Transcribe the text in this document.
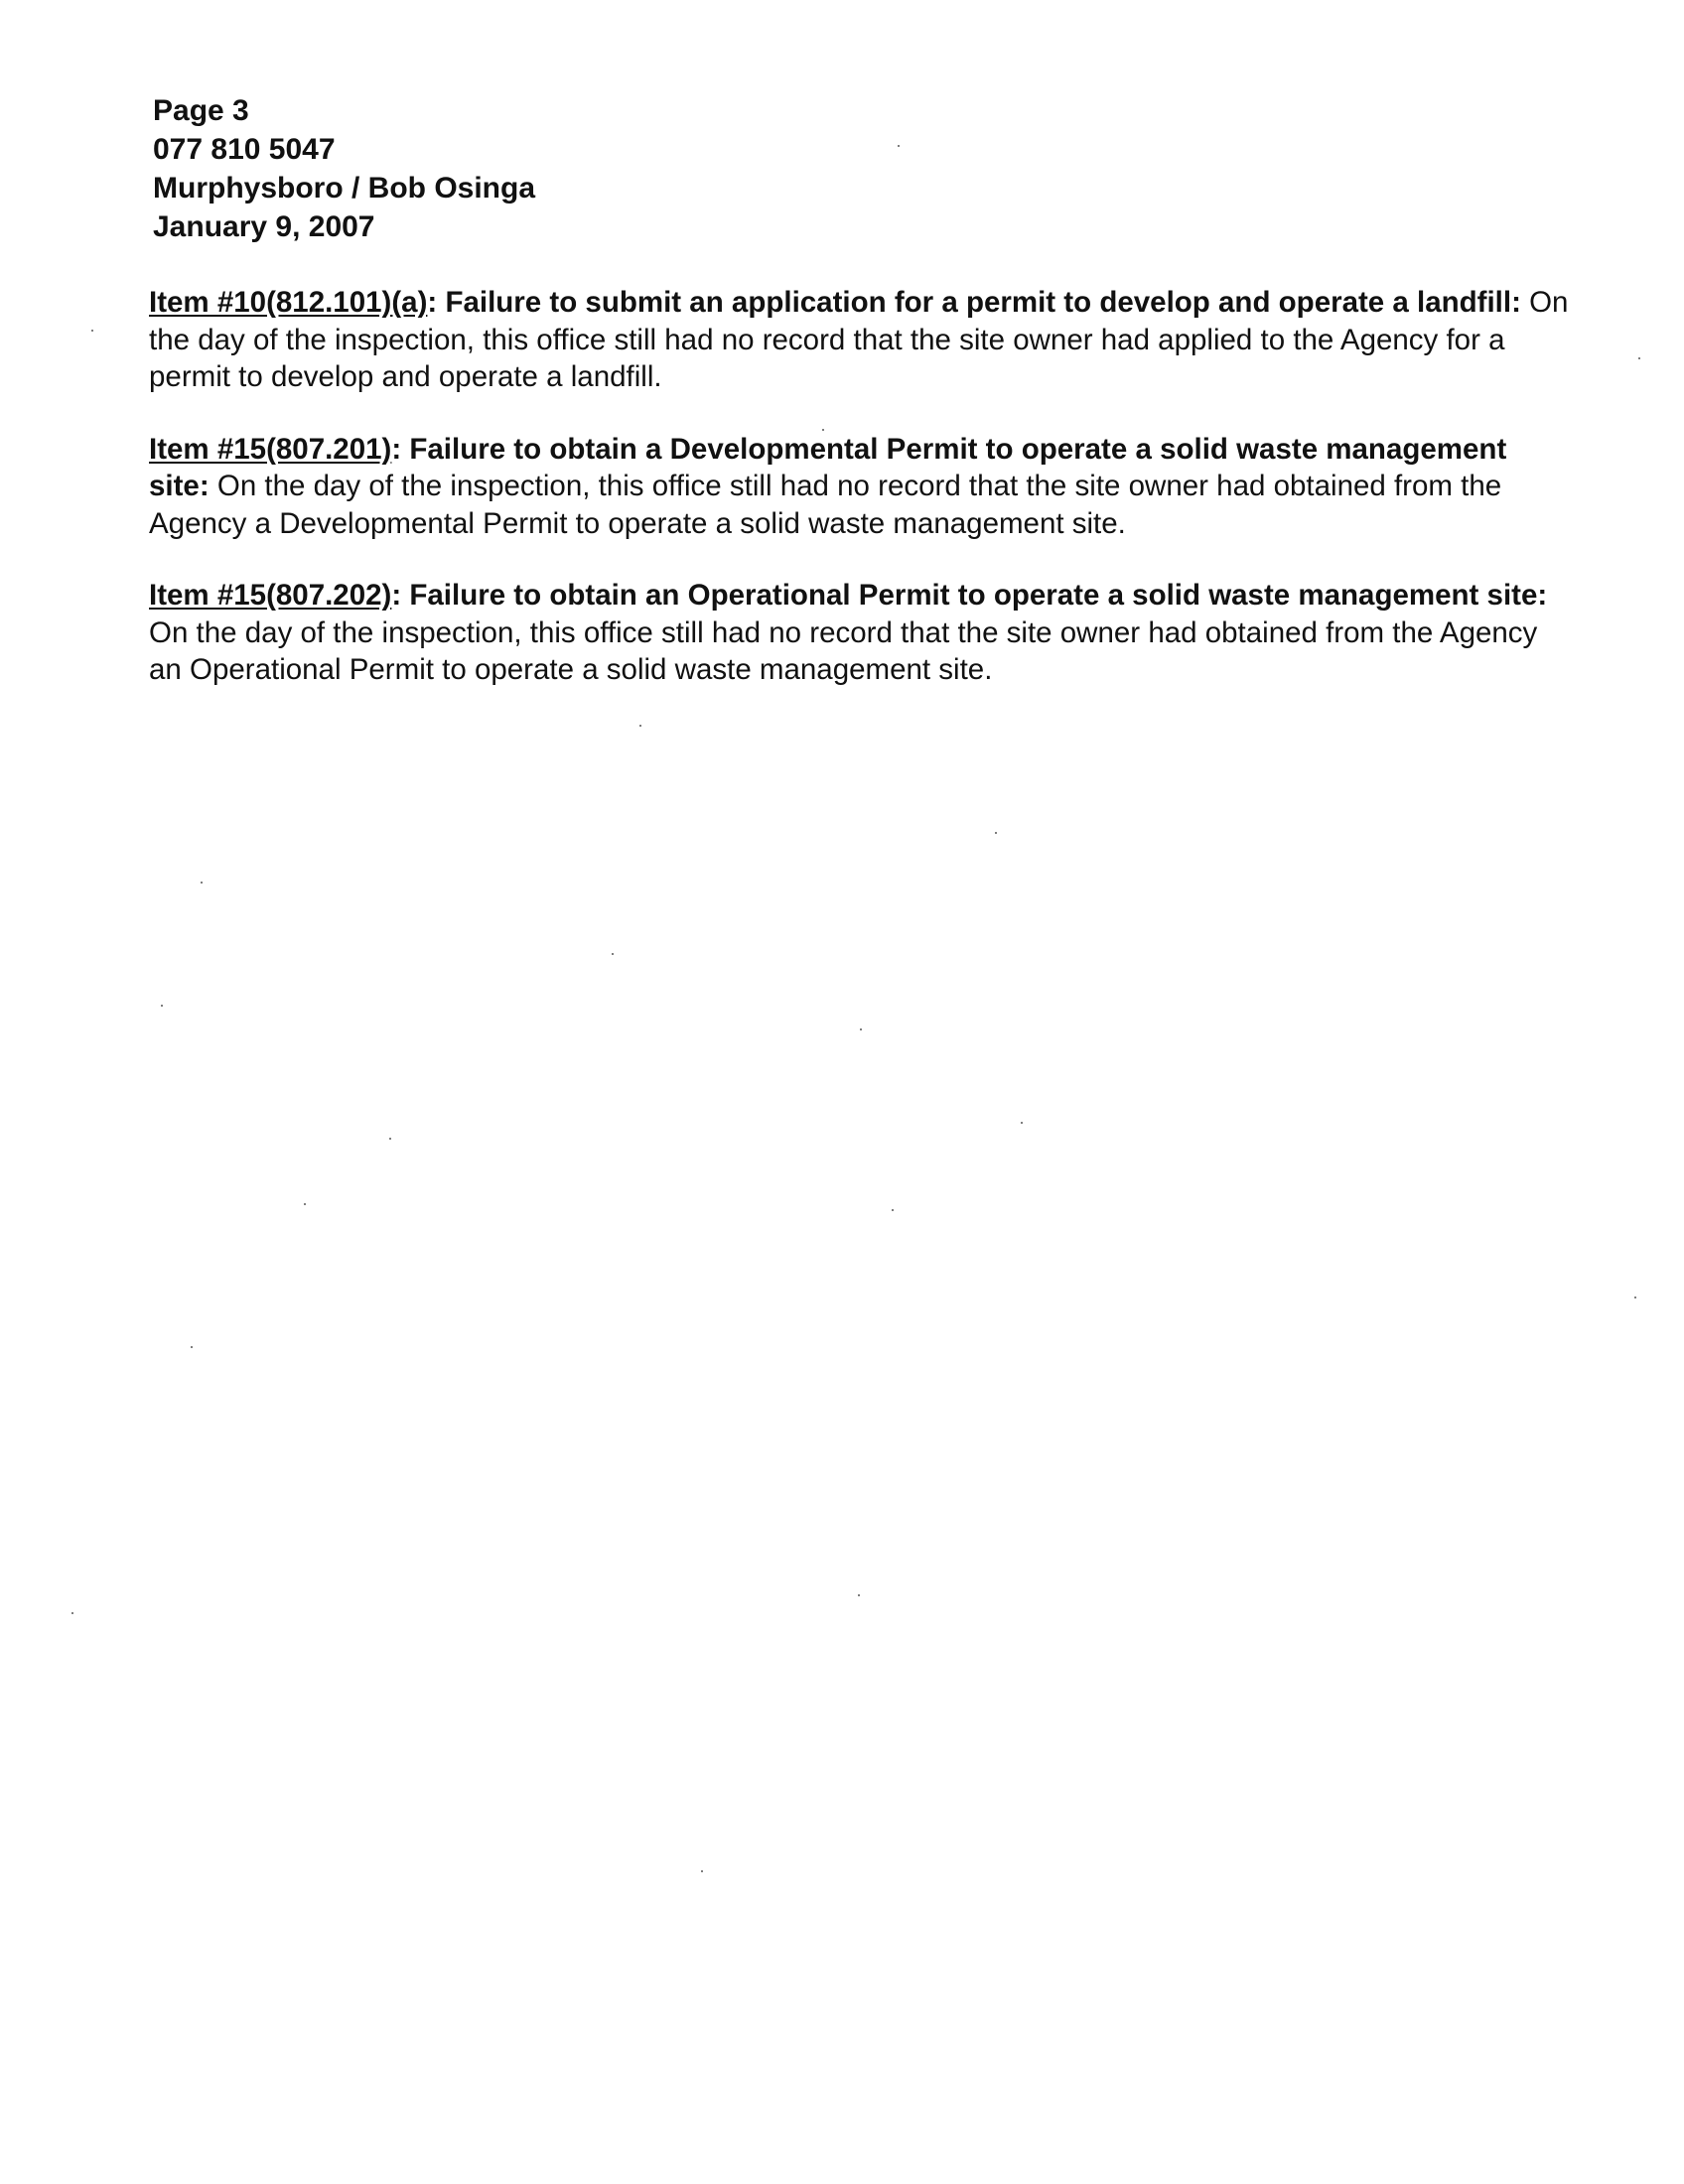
Page 3
077 810 5047
Murphysboro / Bob Osinga
January 9, 2007

Item #10(812.101)(a): Failure to submit an application for a permit to develop and operate a landfill: On the day of the inspection, this office still had no record that the site owner had applied to the Agency for a permit to develop and operate a landfill.

Item #15(807.201): Failure to obtain a Developmental Permit to operate a solid waste management site: On the day of the inspection, this office still had no record that the site owner had obtained from the Agency a Developmental Permit to operate a solid waste management site.

Item #15(807.202): Failure to obtain an Operational Permit to operate a solid waste management site: On the day of the inspection, this office still had no record that the site owner had obtained from the Agency an Operational Permit to operate a solid waste management site.
